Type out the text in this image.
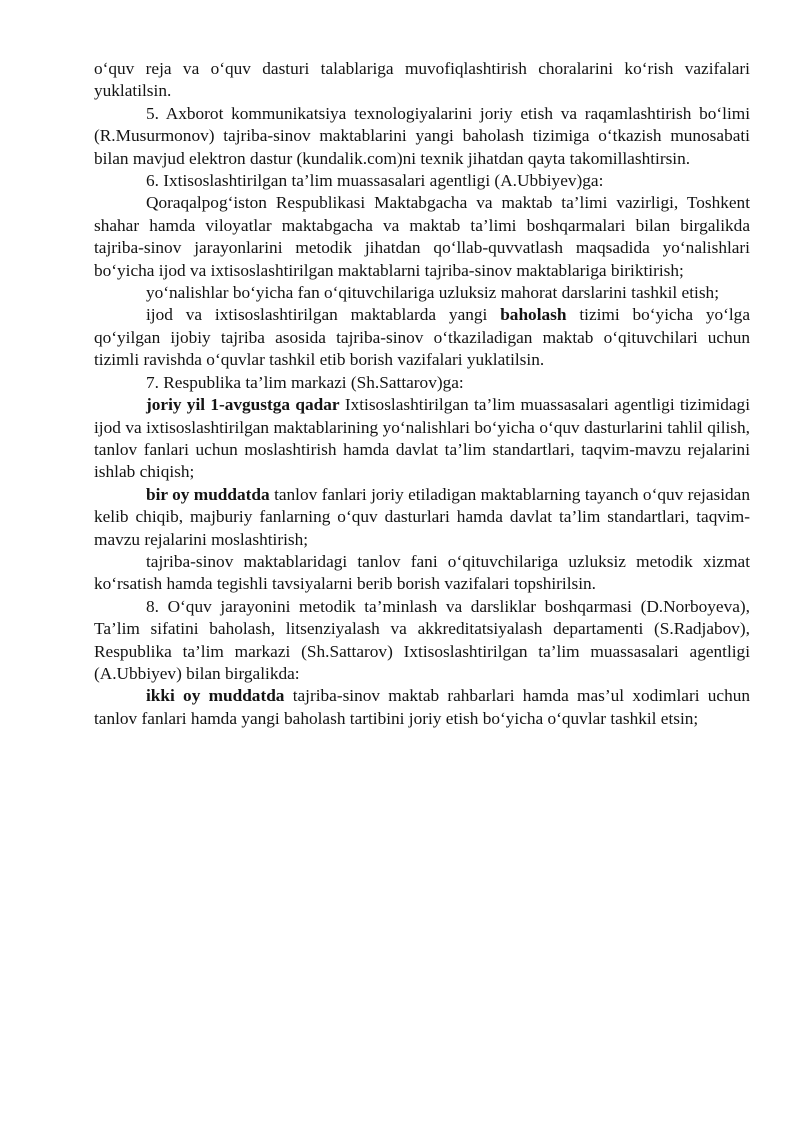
o‘quv reja va o‘quv dasturi talablariga muvofiqlashtirish choralarini ko‘rish vazifalari yuklatilsin.

5. Axborot kommunikatsiya texnologiyalarini joriy etish va raqamlashtirish bo‘limi (R.Musurmonov) tajriba-sinov maktablarini yangi baholash tizimiga o‘tkazish munosabati bilan mavjud elektron dastur (kundalik.com)ni texnik jihatdan qayta takomillashtirsin.

6. Ixtisoslashtirilgan ta’lim muassasalari agentligi (A.Ubbiyev)ga:

Qoraqalpog‘iston Respublikasi Maktabgacha va maktab ta’limi vazirligi, Toshkent shahar hamda viloyatlar maktabgacha va maktab ta’limi boshqarmalari bilan birgalikda tajriba-sinov jarayonlarini metodik jihatdan qo‘llab-quvvatlash maqsadida yo‘nalishlari bo‘yicha ijod va ixtisoslashtirilgan maktablarni tajriba-sinov maktablariga biriktirish;

yo‘nalishlar bo‘yicha fan o‘qituvchilariga uzluksiz mahorat darslarini tashkil etish;

ijod va ixtisoslashtirilgan maktablarda yangi baholash tizimi bo‘yicha yo‘lga qo‘yilgan ijobiy tajriba asosida tajriba-sinov o‘tkaziladigan maktab o‘qituvchilari uchun tizimli ravishda o‘quvlar tashkil etib borish vazifalari yuklatilsin.

7. Respublika ta’lim markazi (Sh.Sattarov)ga:

joriy yil 1-avgustga qadar Ixtisoslashtirilgan ta’lim muassasalari agentligi tizimidagi ijod va ixtisoslashtirilgan maktablarining yo‘nalishlari bo‘yicha o‘quv dasturlarini tahlil qilish, tanlov fanlari uchun moslashtirish hamda davlat ta’lim standartlari, taqvim-mavzu rejalarini ishlab chiqish;

bir oy muddatda tanlov fanlari joriy etiladigan maktablarning tayanch o‘quv rejasidan kelib chiqib, majburiy fanlarning o‘quv dasturlari hamda davlat ta’lim standartlari, taqvim-mavzu rejalarini moslashtirish;

tajriba-sinov maktablaridagi tanlov fani o‘qituvchilariga uzluksiz metodik xizmat ko‘rsatish hamda tegishli tavsiyalarni berib borish vazifalari topshirilsin.

8. O‘quv jarayonini metodik ta’minlash va darsliklar boshqarmasi (D.Norboyeva), Ta’lim sifatini baholash, litsenziyalash va akkreditatsiyalash departamenti (S.Radjabov), Respublika ta’lim markazi (Sh.Sattarov) Ixtisoslashtirilgan ta’lim muassasalari agentligi (A.Ubbiyev) bilan birgalikda:

ikki oy muddatda tajriba-sinov maktab rahbarlari hamda mas’ul xodimlari uchun tanlov fanlari hamda yangi baholash tartibini joriy etish bo‘yicha o‘quvlar tashkil etsin;
